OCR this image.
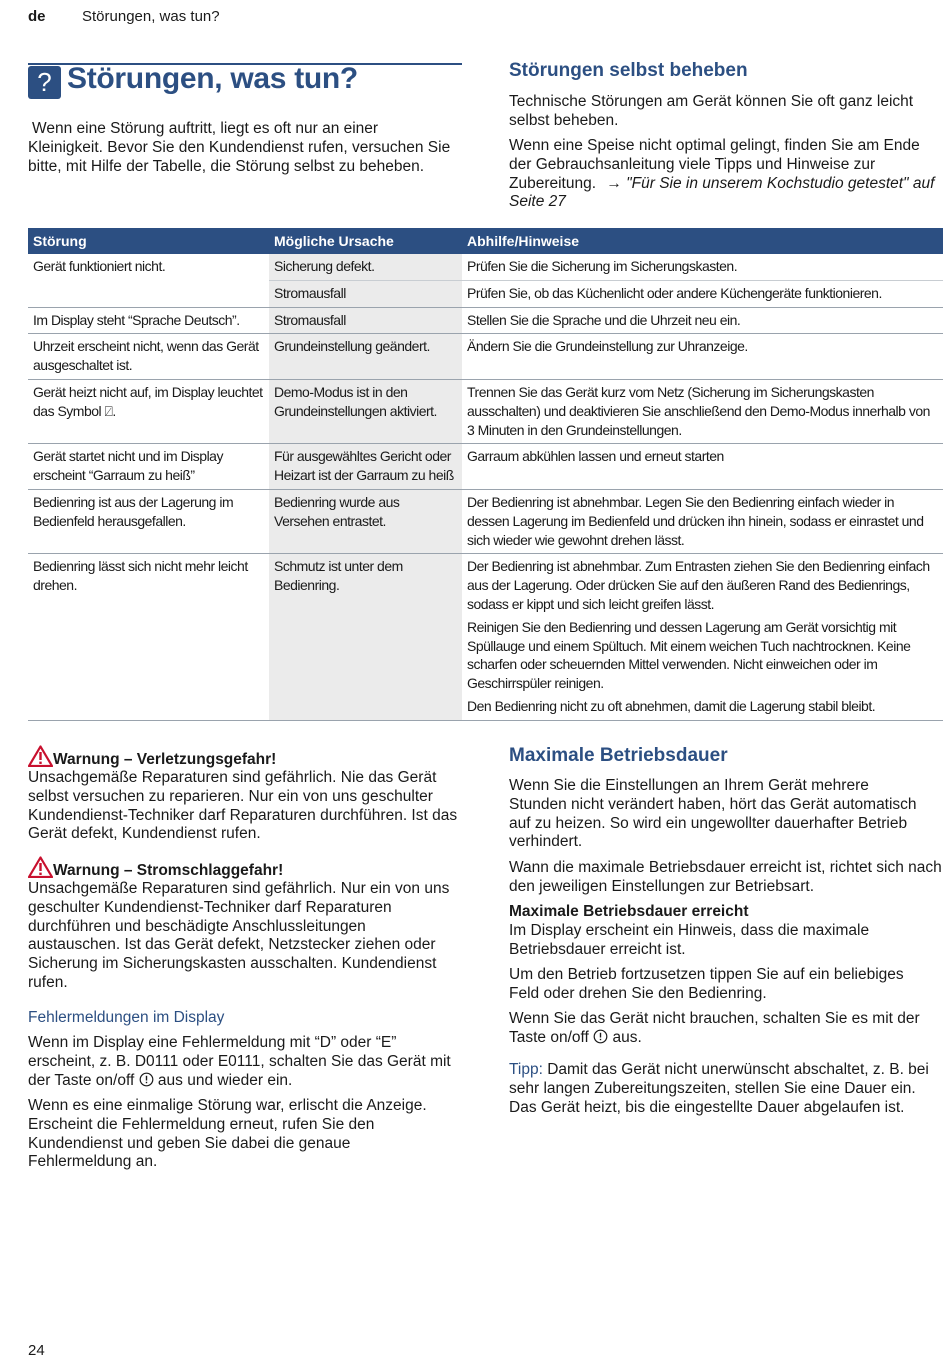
de Störungen, was tun?
? Störungen, was tun?

Wenn eine Störung auftritt, liegt es oft nur an einer Kleinigkeit. Bevor Sie den Kundendienst rufen, versuchen Sie bitte, mit Hilfe der Tabelle, die Störung selbst zu beheben.

Störungen selbst beheben

Technische Störungen am Gerät können Sie oft ganz leicht selbst beheben.

Wenn eine Speise nicht optimal gelingt, finden Sie am Ende der Gebrauchsanleitung viele Tipps und Hinweise zur Zubereitung. → "Für Sie in unserem Kochstudio getestet" auf Seite 27

Störung	Mögliche Ursache	Abhilfe/Hinweise
Gerät funktioniert nicht.	Sicherung defekt.	Prüfen Sie die Sicherung im Sicherungskasten.
	Stromausfall	Prüfen Sie, ob das Küchenlicht oder andere Küchengeräte funktionieren.
Im Display steht “Sprache Deutsch”.	Stromausfall	Stellen Sie die Sprache und die Uhrzeit neu ein.
Uhrzeit erscheint nicht, wenn das Gerät ausgeschaltet ist.	Grundeinstellung geändert.	Ändern Sie die Grundeinstellung zur Uhranzeige.
Gerät heizt nicht auf, im Display leuchtet das Symbol ⍁.	Demo-Modus ist in den Grundeinstellungen aktiviert.	Trennen Sie das Gerät kurz vom Netz (Sicherung im Sicherungskasten ausschalten) und deaktivieren Sie anschließend den Demo-Modus innerhalb von 3 Minuten in den Grundeinstellungen.
Gerät startet nicht und im Display erscheint “Garraum zu heiß”	Für ausgewähltes Gericht oder Heizart ist der Garraum zu heiß	Garraum abkühlen lassen und erneut starten
Bedienring ist aus der Lagerung im Bedienfeld herausgefallen.	Bedienring wurde aus Versehen entrastet.	Der Bedienring ist abnehmbar. Legen Sie den Bedienring einfach wieder in dessen Lagerung im Bedienfeld und drücken ihn hinein, sodass er einrastet und sich wieder wie gewohnt drehen lässt.
Bedienring lässt sich nicht mehr leicht drehen.	Schmutz ist unter dem Bedienring.	Der Bedienring ist abnehmbar. Zum Entrasten ziehen Sie den Bedienring einfach aus der Lagerung. Oder drücken Sie auf den äußeren Rand des Bedienrings, sodass er kippt und sich leicht greifen lässt.

Reinigen Sie den Bedienring und dessen Lagerung am Gerät vorsichtig mit Spüllauge und einem Spültuch. Mit einem weichen Tuch nachtrocknen. Keine scharfen oder scheuernden Mittel verwenden. Nicht einweichen oder im Geschirrspüler reinigen.

Den Bedienring nicht zu oft abnehmen, damit die Lagerung stabil bleibt.

Warnung – Verletzungsgefahr!

Unsachgemäße Reparaturen sind gefährlich. Nie das Gerät selbst versuchen zu reparieren. Nur ein von uns geschulter Kundendienst-Techniker darf Reparaturen durchführen. Ist das Gerät defekt, Kundendienst rufen.

Warnung – Stromschlaggefahr!

Unsachgemäße Reparaturen sind gefährlich. Nur ein von uns geschulter Kundendienst-Techniker darf Reparaturen durchführen und beschädigte Anschlussleitungen austauschen. Ist das Gerät defekt, Netzstecker ziehen oder Sicherung im Sicherungskasten ausschalten. Kundendienst rufen.

Fehlermeldungen im Display

Wenn im Display eine Fehlermeldung mit “D” oder “E” erscheint, z. B. D0111 oder E0111, schalten Sie das Gerät mit der Taste on/off aus und wieder ein.

Wenn es eine einmalige Störung war, erlischt die Anzeige. Erscheint die Fehlermeldung erneut, rufen Sie den Kundendienst und geben Sie dabei die genaue Fehlermeldung an.

Maximale Betriebsdauer

Wenn Sie die Einstellungen an Ihrem Gerät mehrere Stunden nicht verändert haben, hört das Gerät automatisch auf zu heizen. So wird ein ungewollter dauerhafter Betrieb verhindert.

Wann die maximale Betriebsdauer erreicht ist, richtet sich nach den jeweiligen Einstellungen zur Betriebsart.

Maximale Betriebsdauer erreicht

Im Display erscheint ein Hinweis, dass die maximale Betriebsdauer erreicht ist.

Um den Betrieb fortzusetzen tippen Sie auf ein beliebiges Feld oder drehen Sie den Bedienring.

Wenn Sie das Gerät nicht brauchen, schalten Sie es mit der Taste on/off aus.

Tipp: Damit das Gerät nicht unerwünscht abschaltet, z. B. bei sehr langen Zubereitungszeiten, stellen Sie eine Dauer ein. Das Gerät heizt, bis die eingestellte Dauer abgelaufen ist.

24
